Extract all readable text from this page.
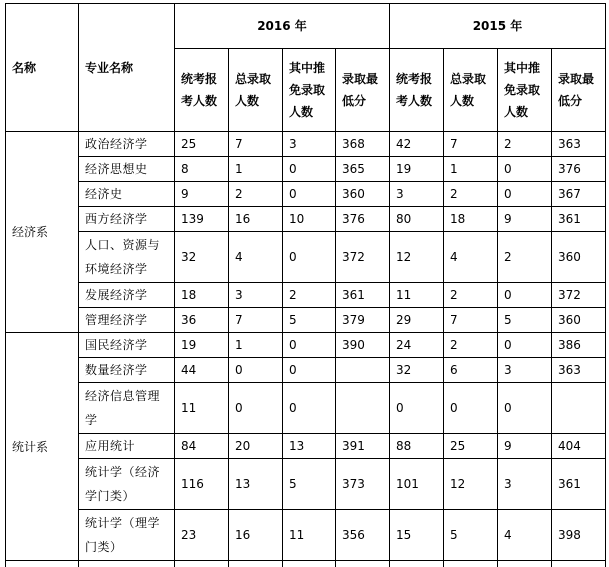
名称	专业名称	2016 年				2015 年			
		统考报考人数	总录取人数	其中推免录取人数	录取最低分	统考报考人数	总录取人数	其中推免录取人数	录取最低分
经济系	政治经济学	25	7	3	368	42	7	2	363
	经济思想史	8	1	0	365	19	1	0	376
	经济史	9	2	0	360	3	2	0	367
	西方经济学	139	16	10	376	80	18	9	361
	人口、资源与环境经济学	32	4	0	372	12	4	2	360
	发展经济学	18	3	2	361	11	2	0	372
	管理经济学	36	7	5	379	29	7	5	360
统计系	国民经济学	19	1	0	390	24	2	0	386
	数量经济学	44	0	0		32	6	3	363
	经济信息管理学	11	0	0		0	0	0	
	应用统计	84	20	13	391	88	25	9	404
	统计学（经济学门类）	116	13	5	373	101	12	3	361
	统计学（理学门类）	23	16	11	356	15	5	4	398
